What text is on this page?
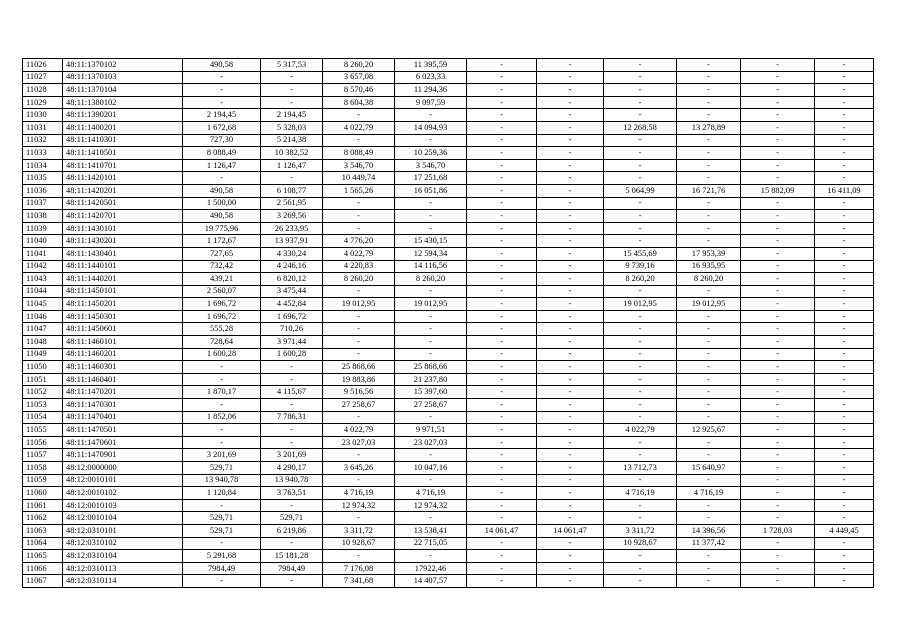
11026	48:11:1370102	490,58	5 317,53	8 260,20	11 395,59	-	-	-	-	-	-
11027	48:11:1370103	-	-	3 657,08	6 023,33	-	-	-	-	-	-
11028	48:11:1370104	-	-	8 570,46	11 294,36	-	-	-	-	-	-
11029	48:11:1380102	-	-	8 604,38	9 097,59	-	-	-	-	-	-
11030	48:11:1390201	2 194,45	2 194,45	-	-	-	-	-	-	-	-
11031	48:11:1400201	1 672,68	5 328,03	4 022,79	14 094,93	-	-	12 268,58	13 278,89	-	-
11032	48:11:1410301	727,30	5 214,38	-	-	-	-	-	-	-	-
11033	48:11:1410501	8 088,49	10 382,52	8 088,49	10 259,36	-	-	-	-	-	-
11034	48:11:1410701	1 126,47	1 126,47	3 546,70	3 546,70	-	-	-	-	-	-
11035	48:11:1420101	-	-	10 449,74	17 251,68	-	-	-	-	-	-
11036	48:11:1420201	490,58	6 108,77	1 565,26	16 051,86	-	-	5 064,99	16 721,76	15 882,09	16 411,09
11037	48:11:1420501	1 500,00	2 561,95	-	-	-	-	-	-	-	-
11038	48:11:1420701	490,58	3 269,56	-	-	-	-	-	-	-	-
11039	48:11:1430101	19 775,96	26 233,95	-	-	-	-	-	-	-	-
11040	48:11:1430201	1 172,67	13 937,91	4 776,20	15 430,15	-	-	-	-	-	-
11041	48:11:1430401	727,65	4 330,24	4 022,79	12 594,34	-	-	15 455,69	17 953,39	-	-
11042	48:11:1440101	732,42	4 246,16	4 220,83	14 116,56	-	-	9 739,16	16 935,95	-	-
11043	48:11:1440201	439,21	6 820,12	8 260,20	8 260,20	-	-	8 260,20	8 260,20	-	-
11044	48:11:1450101	2 560,07	3 475,44	-	-	-	-	-	-	-	-
11045	48:11:1450201	1 696,72	4 452,84	19 012,95	19 012,95	-	-	19 012,95	19 012,95	-	-
11046	48:11:1450301	1 696,72	1 696,72	-	-	-	-	-	-	-	-
11047	48:11:1450601	555,28	710,26	-	-	-	-	-	-	-	-
11048	48:11:1460101	728,64	3 971,44	-	-	-	-	-	-	-	-
11049	48:11:1460201	1 600,28	1 600,28	-	-	-	-	-	-	-	-
11050	48:11:1460301	-	-	25 868,66	25 868,66	-	-	-	-	-	-
11051	48:11:1460401	-	-	19 883,86	21 237,80	-	-	-	-	-	-
11052	48:11:1470201	1 870,17	4 115,67	9 516,56	15 397,60	-	-	-	-	-	-
11053	48:11:1470301	-	-	27 258,67	27 258,67	-	-	-	-	-	-
11054	48:11:1470401	1 852,06	7 786,31	-	-	-	-	-	-	-	-
11055	48:11:1470501	-	-	4 022,79	9 971,51	-	-	4 022,79	12 925,67	-	-
11056	48:11:1470601	-	-	23 027,03	23 027,03	-	-	-	-	-	-
11057	48:11:1470901	3 201,69	3 201,69	-	-	-	-	-	-	-	-
11058	48:12:0000000	529,71	4 290,17	3 645,26	10 047,16	-	-	13 712,73	15 640,97	-	-
11059	48:12:0010101	13 940,78	13 940,78	-	-	-	-	-	-	-	-
11060	48:12:0010102	1 120,84	3 763,51	4 716,19	4 716,19	-	-	4 716,19	4 716,19	-	-
11061	48:12:0010103	-	-	12 974,32	12 974,32	-	-	-	-	-	-
11062	48:12:0010104	529,71	529,71	-	-	-	-	-	-	-	-
11063	48:12:0310101	529,71	6 219,86	3 311,72	13 538,41	14 061,47	14 061,47	3 311,72	14 396,56	1 728,03	4 449,45
11064	48:12:0310102	-	-	10 928,67	22 715,05	-	-	10 928,67	11 377,42	-	-
11065	48:12:0310104	5 291,68	15 181,28	-	-	-	-	-	-	-	-
11066	48:12:0310113	7984,49	7984,49	7 176,08	17922,46	-	-	-	-	-	-
11067	48:12:0310114	-	-	7 341,68	14 407,57	-	-	-	-	-	-
